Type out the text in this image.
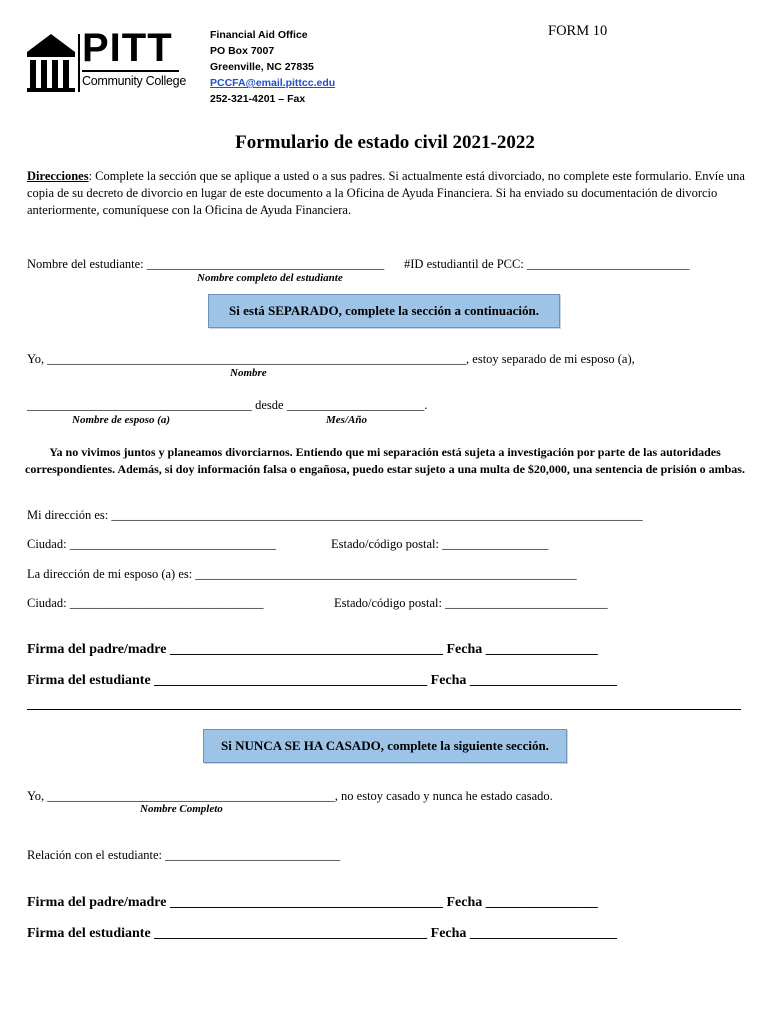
PITT
Community College
Financial Aid Office
PO Box 7007
Greenville, NC 27835
PCCFA@email.pittcc.edu
252-321-4201 – Fax
FORM 10
Formulario de estado civil 2021-2022
Direcciones: Complete la sección que se aplique a usted o a sus padres. Si actualmente está divorciado, no complete este formulario. Envíe una copia de su decreto de divorcio en lugar de este documento a la Oficina de Ayuda Financiera. Si ha enviado su documentación de divorcio anteriormente, comuníquese con la Oficina de Ayuda Financiera.
Nombre del estudiante: ______________________________________ #ID estudiantil de PCC: __________________________
Nombre completo del estudiante
Si está SEPARADO, complete la sección a continuación.
Yo, ___________________________________________________________________, estoy separado de mi esposo (a),
Nombre
____________________________________ desde ______________________.
Nombre de esposo (a)	Mes/Año
Ya no vivimos juntos y planeamos divorciarnos. Entiendo que mi separación está sujeta a investigación por parte de las autoridades correspondientes. Además, si doy información falsa o engañosa, puedo estar sujeto a una multa de $20,000, una sentencia de prisión o ambas.
Mi dirección es: _____________________________________________________________________________________
Ciudad: _________________________________	Estado/código postal: _________________
La dirección de mi esposo (a) es: _____________________________________________________________
Ciudad: _______________________________	Estado/código postal: __________________________
Firma del padre/madre _______________________________________ Fecha ________________
Firma del estudiante _______________________________________ Fecha _____________________
Si NUNCA SE HA CASADO, complete la siguiente sección.
Yo, ______________________________________________, no estoy casado y nunca he estado casado.
Nombre Completo
Relación con el estudiante: ____________________________
Firma del padre/madre _______________________________________ Fecha ________________
Firma del estudiante _______________________________________ Fecha _____________________
